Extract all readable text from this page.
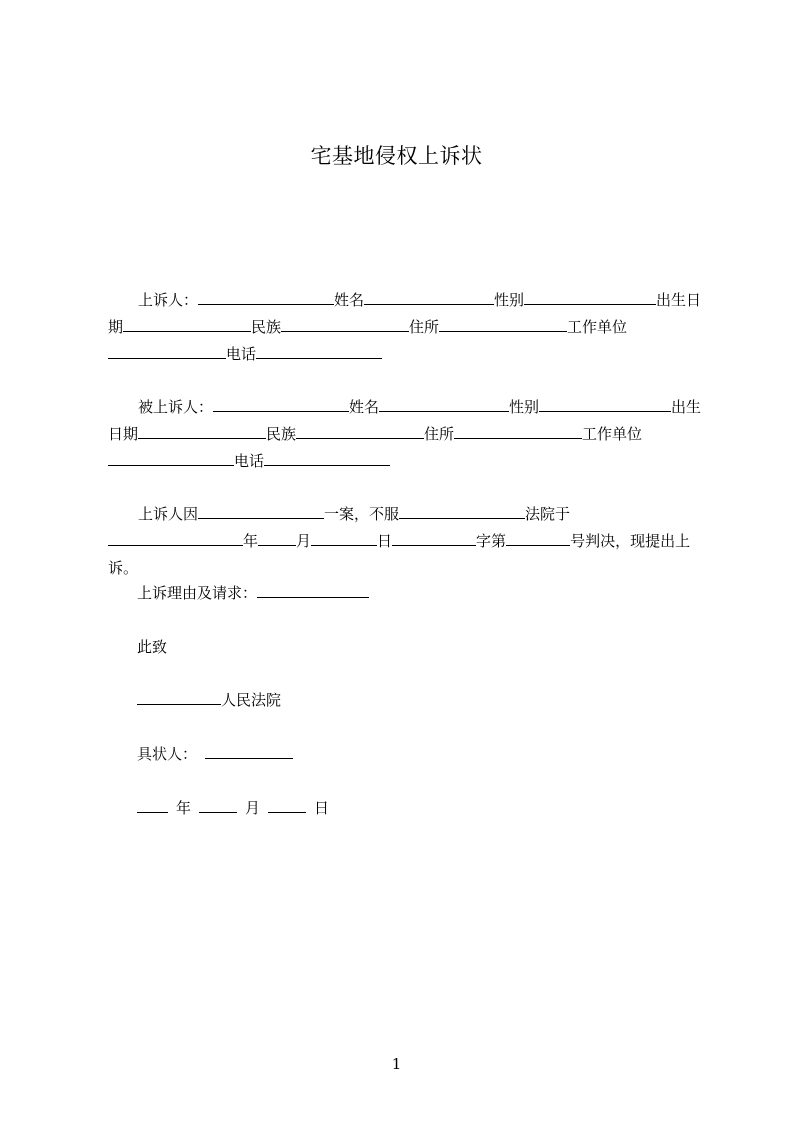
宅基地侵权上诉状
上诉人：	姓名	性别	出生日期	民族	住所	工作单位电话
被上诉人：	姓名	性别	出生日期	民族	住所	工作单位电话
上诉人因	一案，不服	法院于年	月	日	字第	号判决，现提出上诉。
上诉理由及请求：
此致
人民法院
具状人：
年	月	日
1
